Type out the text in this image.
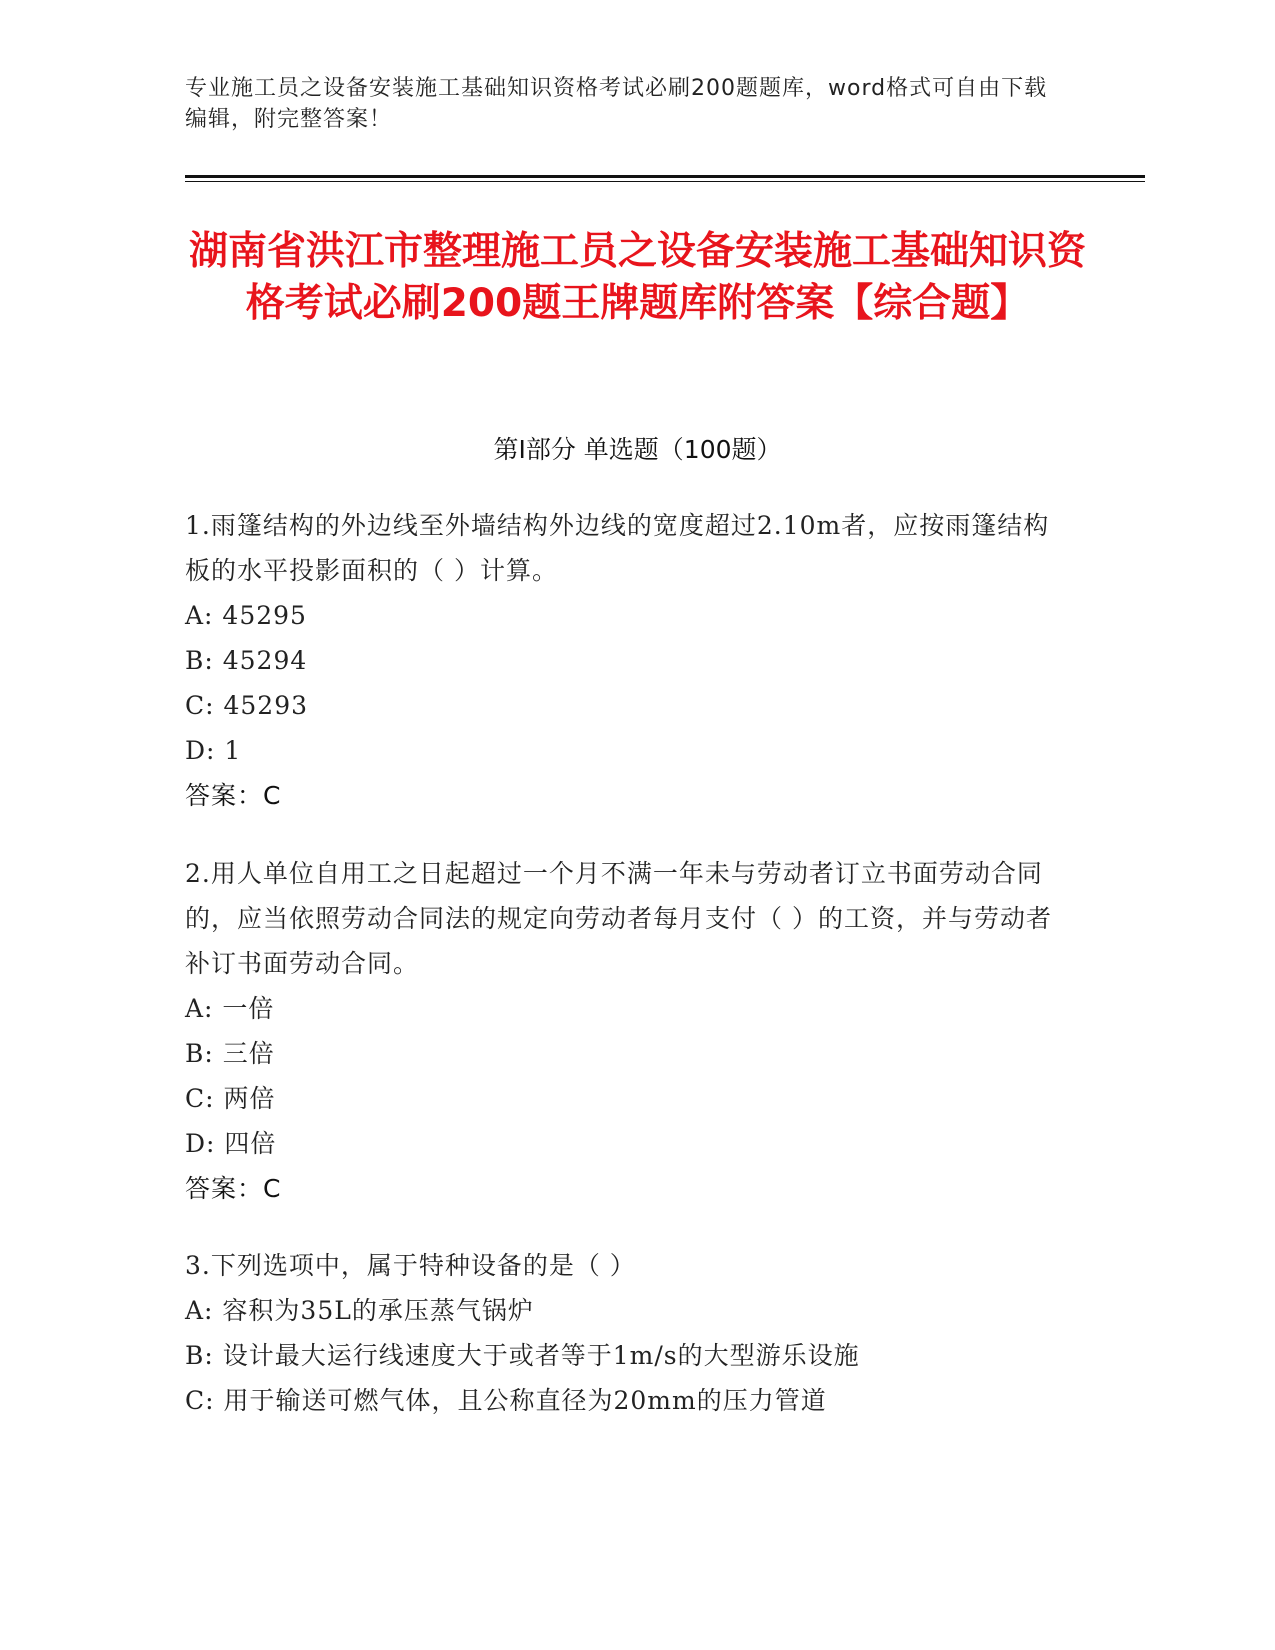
专业施工员之设备安装施工基础知识资格考试必刷200题题库，word格式可自由下载编辑，附完整答案！
湖南省洪江市整理施工员之设备安装施工基础知识资格考试必刷200题王牌题库附答案【综合题】
第I部分 单选题（100题）

1.雨篷结构的外边线至外墙结构外边线的宽度超过2.10m者，应按雨篷结构板的水平投影面积的（ ）计算。

A: 45295

B: 45294

C: 45293

D: 1

答案：C

2.用人单位自用工之日起超过一个月不满一年未与劳动者订立书面劳动合同的，应当依照劳动合同法的规定向劳动者每月支付（ ）的工资，并与劳动者补订书面劳动合同。

A: 一倍

B: 三倍

C: 两倍

D: 四倍

答案：C

3.下列选项中，属于特种设备的是（ ）

A: 容积为35L的承压蒸气锅炉

B: 设计最大运行线速度大于或者等于1m/s的大型游乐设施

C: 用于输送可燃气体，且公称直径为20mm的压力管道
